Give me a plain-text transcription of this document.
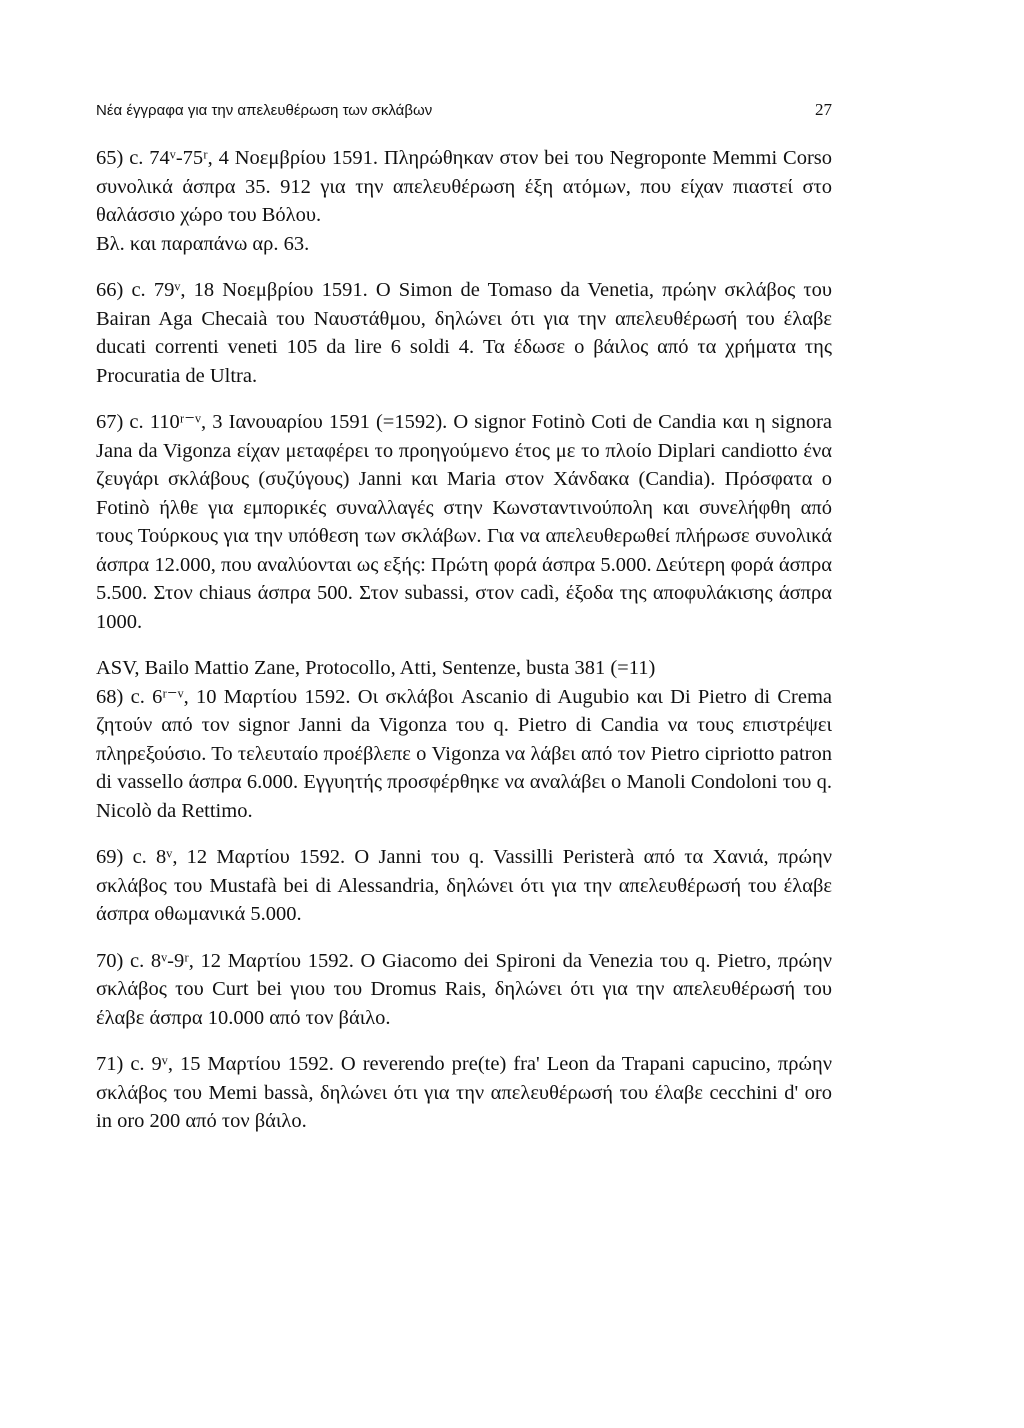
Νέα έγγραφα για την απελευθέρωση των σκλάβων	27

65) c. 74ᵛ-75ʳ, 4 Νοεμβρίου 1591. Πληρώθηκαν στον bei του Negroponte Memmi Corso συνολικά άσπρα 35. 912 για την απελευθέρωση έξη ατόμων, που είχαν πιαστεί στο θαλάσσιο χώρο του Βόλου.

Βλ. και παραπάνω αρ. 63.

66) c. 79ᵛ, 18 Νοεμβρίου 1591. O Simon de Tomaso da Venetia, πρώην σκλάβος του Bairan Aga Checaià του Ναυστάθμου, δηλώνει ότι για την απελευθέρωσή του έλαβε ducati correnti veneti 105 da lire 6 soldi 4. Τα έδωσε ο βάιλος από τα χρήματα της Procuratia de Ultra.

67) c. 110ʳ⁻ᵛ, 3 Ιανουαρίου 1591 (=1592). O signor Fotinò Coti de Candia και η signora Jana da Vigonza είχαν μεταφέρει το προηγούμενο έτος με το πλοίο Diplari candiotto ένα ζευγάρι σκλάβους (συζύγους) Janni και Maria στον Χάνδακα (Candia). Πρόσφατα ο Fotinò ήλθε για εμπορικές συναλλαγές στην Κωνσταντινούπολη και συνελήφθη από τους Τούρκους για την υπόθεση των σκλάβων. Για να απελευθερωθεί πλήρωσε συνολικά άσπρα 12.000, που αναλύονται ως εξής: Πρώτη φορά άσπρα 5.000. Δεύτερη φορά άσπρα 5.500. Στον chiaus άσπρα 500. Στον subassi, στον cadì, έξοδα της αποφυλάκισης άσπρα 1000.

ASV, Bailo Mattio Zane, Protocollo, Atti, Sentenze, busta 381 (=11)

68) c. 6ʳ⁻ᵛ, 10 Μαρτίου 1592. Οι σκλάβοι Ascanio di Augubio και Di Pietro di Crema ζητούν από τον signor Janni da Vigonza του q. Pietro di Candia να τους επιστρέψει πληρεξούσιο. Το τελευταίο προέβλεπε ο Vigonza να λάβει από τον Pietro cipriotto patron di vassello άσπρα 6.000. Εγγυητής προσφέρθηκε να αναλάβει ο Manoli Condoloni του q. Nicolò da Rettimo.

69) c. 8ᵛ, 12 Μαρτίου 1592. O Janni του q. Vassilli Peristerà από τα Χανιά, πρώην σκλάβος του Mustafà bei di Alessandria, δηλώνει ότι για την απελευθέρωσή του έλαβε άσπρα οθωμανικά 5.000.

70) c. 8ᵛ-9ʳ, 12 Μαρτίου 1592. O Giacomo dei Spironi da Venezia του q. Pietro, πρώην σκλάβος του Curt bei γιου του Dromus Rais, δηλώνει ότι για την απελευθέρωσή του έλαβε άσπρα 10.000 από τον βάιλο.

71) c. 9ᵛ, 15 Μαρτίου 1592. O reverendo pre(te) fra' Leon da Trapani capucino, πρώην σκλάβος του Memi bassà, δηλώνει ότι για την απελευθέρωσή του έλαβε cecchini d' oro in oro 200 από τον βάιλο.
